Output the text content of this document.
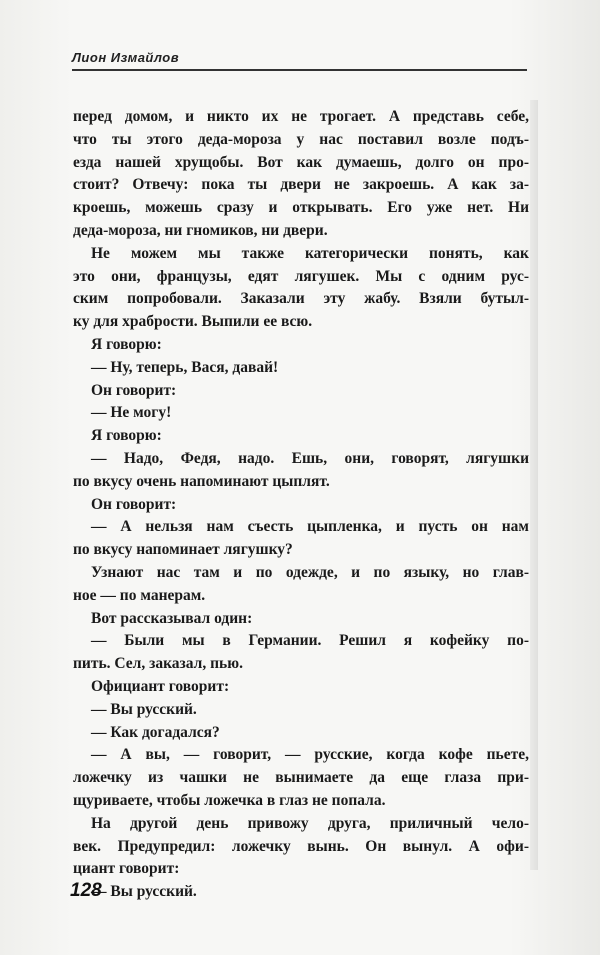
Лион Измайлов
перед домом, и никто их не трогает. А представь себе,
что ты этого деда-мороза у нас поставил возле подъ-
езда нашей хрущобы. Вот как думаешь, долго он про-
стоит? Отвечу: пока ты двери не закроешь. А как за-
кроешь, можешь сразу и открывать. Его уже нет. Ни
деда-мороза, ни гномиков, ни двери.
Не можем мы также категорически понять, как
это они, французы, едят лягушек. Мы с одним рус-
ским попробовали. Заказали эту жабу. Взяли бутыл-
ку для храбрости. Выпили ее всю.
Я говорю:
— Ну, теперь, Вася, давай!
Он говорит:
— Не могу!
Я говорю:
— Надо, Федя, надо. Ешь, они, говорят, лягушки
по вкусу очень напоминают цыплят.
Он говорит:
— А нельзя нам съесть цыпленка, и пусть он нам
по вкусу напоминает лягушку?
Узнают нас там и по одежде, и по языку, но глав-
ное — по манерам.
Вот рассказывал один:
— Были мы в Германии. Решил я кофейку по-
пить. Сел, заказал, пью.
Официант говорит:
— Вы русский.
— Как догадался?
— А вы, — говорит, — русские, когда кофе пьете,
ложечку из чашки не вынимаете да еще глаза при-
щуриваете, чтобы ложечка в глаз не попала.
На другой день привожу друга, приличный чело-
век. Предупредил: ложечку вынь. Он вынул. А офи-
циант говорит:
— Вы русский.
128
